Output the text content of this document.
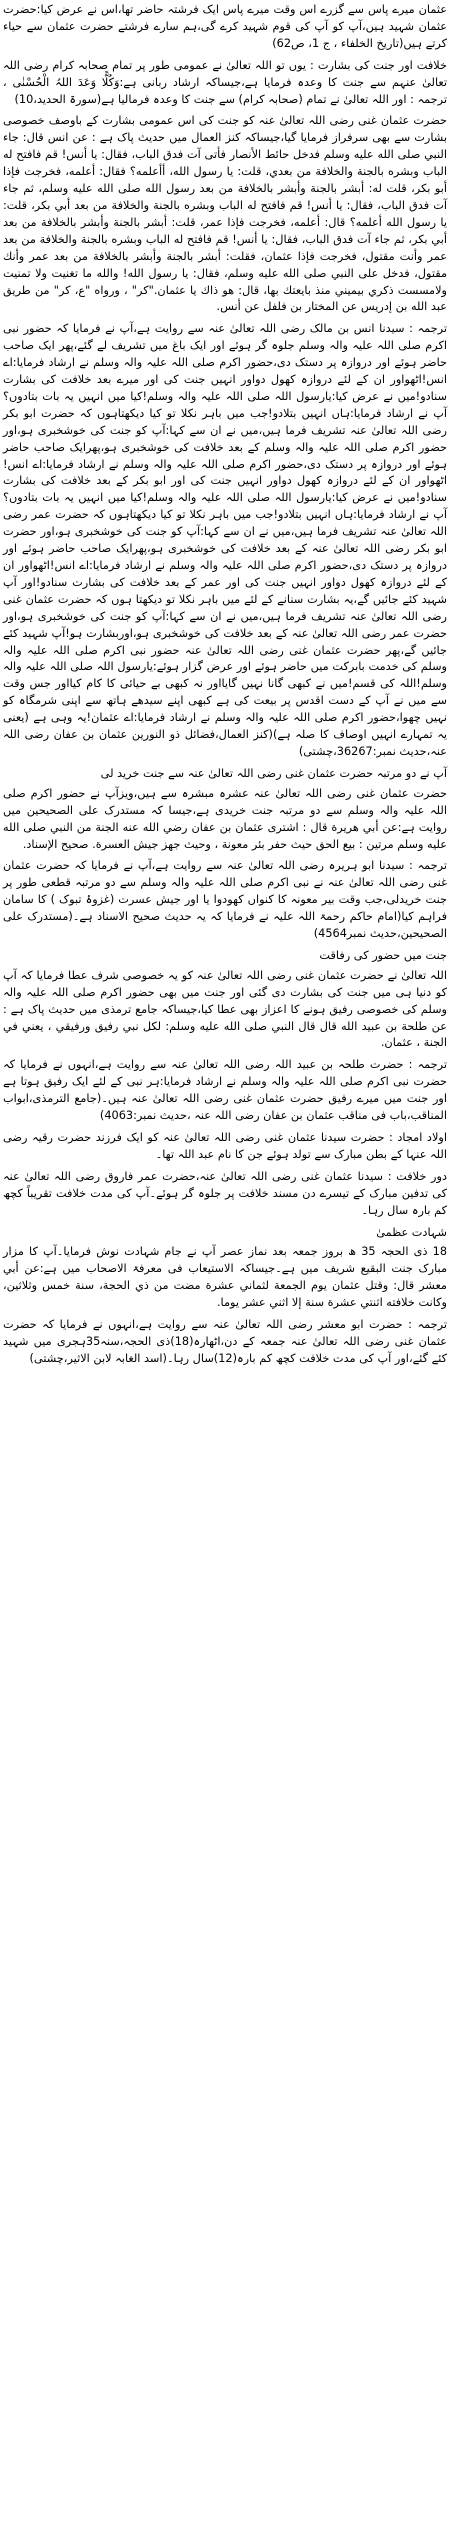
عثمان میرے پاس سے گزرے اس وقت میرے پاس ایک فرشتہ حاضر تھا،اس نے عرض کیا:حضرت عثمان شہید ہیں،آپ کو آپ کی قوم شہید کرے گی،ہم سارے فرشتے حضرت عثمان سے حیاء کرتے ہیں(تاریخ الخلفاء ، ج 1، ص62)

خلافت اور جنت کی بشارت : یوں تو اللہ تعالیٰ نے عمومی طور پر تمام صحابہ کرام رضی اللہ تعالیٰ عنہم سے جنت کا وعدہ فرمایا ہے،جیساکہ ارشاد ربانی ہے:وَکُلًّا وَعَدَ اللہُ الْحُسْنٰی ، ترجمہ : اور اللہ تعالیٰ نے تمام (صحابہ کرام) سے جنت کا وعدہ فرمالیا ہے(سورۃ الحدید،10)

حضرت عثمان غنی رضی اللہ تعالیٰ عنہ کو جنت کی اس عمومی بشارت کے باوصف خصوصی بشارت سے بھی سرفراز فرمایا گیا،جیساکہ کنز العمال میں حدیث پاک ہے : عن انس قال: جاء النبي صلى الله عليه وسلم فدخل حائط الأنصار فأتى آت فدق الباب، فقال: يا أنس! قم فافتح له الباب وبشره بالجنة والخلافة من بعدي، قلت: يا رسول الله، أأعلمه؟ فقال: أعلمه، فخرجت فإذا أبو بكر، قلت له: أبشر بالجنة وأبشر بالخلافة من بعد رسول الله صلى الله عليه وسلم، ثم جاء آت فدق الباب، فقال: يا أنس! قم فافتح له الباب وبشره بالجنة والخلافة من بعد أبي بكر، قلت: يا رسول الله أعلمه؟ قال: أعلمه، فخرجت فإذا عمر، قلت: أبشر بالجنة وأبشر بالخلافة من بعد أبي بكر، ثم جاء آت فدق الباب، فقال: يا أنس! قم فافتح له الباب وبشره بالجنة والخلافة من بعد عمر وأنت مقتول، فخرجت فإذا عثمان، فقلت: أبشر بالجنة وأبشر بالخلافة من بعد عمر وأنك مقتول، فدخل على النبي صلى الله عليه وسلم، فقال: يا رسول الله! والله ما تغنيت ولا تمنيت ولامسست ذكري بيميني منذ بايعتك بها، قال: هو ذاك يا عثمان."كر" ، ورواه "ع، كر" من طريق عبد الله بن إدريس عن المختار بن فلفل عن أنس.

ترجمہ : سیدنا انس بن مالک رضی اللہ تعالیٰ عنہ سے روایت ہے،آپ نے فرمایا کہ حضور نبی اکرم صلی اللہ علیہ والہ وسلم جلوہ گر ہوئے اور ایک باغ میں تشریف لے گئے،پھر ایک صاحب حاضر ہوئے اور دروازہ پر دستک دی،حضور اکرم صلی اللہ علیہ والہ وسلم نے ارشاد فرمایا:اے انس!اٹھواور ان کے لئے دروازہ کھول دواور انہیں جنت کی اور میرے بعد خلافت کی بشارت سنادو!میں نے عرض کیا:یارسول اللہ صلی اللہ علیہ والہ وسلم!کیا میں انہیں یہ بات بتادوں؟آپ نے ارشاد فرمایا:ہاں انہیں بتلادو!جب میں باہر نکلا تو کیا دیکھتاہوں کہ حضرت ابو بکر رضی اللہ تعالیٰ عنہ تشریف فرما ہیں،میں نے ان سے کہا:آپ کو جنت کی خوشخبری ہو،اور حضور اکرم صلی اللہ علیہ والہ وسلم کے بعد خلافت کی خوشخبری ہو،پھرایک صاحب حاضر ہوئے اور دروازہ پر دستک دی،حضور اکرم صلی اللہ علیہ والہ وسلم نے ارشاد فرمایا:اے انس! اٹھواور ان کے لئے دروازہ کھول دواور انہیں جنت کی اور ابو بکر کے بعد خلافت کی بشارت سنادو!میں نے عرض کیا:یارسول اللہ صلی اللہ علیہ والہ وسلم!کیا میں انہیں یہ بات بتادوں؟آپ نے ارشاد فرمایا:ہاں انہیں بتلادو!جب میں باہر نکلا تو کیا دیکھتاہوں کہ حضرت عمر رضی اللہ تعالیٰ عنہ تشریف فرما ہیں،میں نے ان سے کہا:آپ کو جنت کی خوشخبری ہو،اور حضرت ابو بکر رضی اللہ تعالیٰ عنہ کے بعد خلافت کی خوشخبری ہو،پھرایک صاحب حاضر ہوئے اور دروازہ پر دستک دی،حضور اکرم صلی اللہ علیہ والہ وسلم نے ارشاد فرمایا:اے انس!اٹھواور ان کے لئے دروازہ کھول دواور انہیں جنت کی اور عمر کے بعد خلافت کی بشارت سنادو!اور آپ شہید کئے جائیں گے،یہ بشارت سنانے کے لئے میں باہر نکلا تو دیکھتا ہوں کہ حضرت عثمان غنی رضی اللہ تعالیٰ عنہ تشریف فرما ہیں،میں نے ان سے کہا:آپ کو جنت کی خوشخبری ہو،اور حضرت عمر رضی اللہ تعالیٰ عنہ کے بعد خلافت کی خوشخبری ہو،اوربشارت ہو!آپ شہید کئے جائیں گے،پھر حضرت عثمان غنی رضی اللہ تعالیٰ عنہ حضور نبی اکرم صلی اللہ علیہ والہ وسلم کی خدمت بابرکت میں حاضر ہوئے اور عرض گزار ہوئے:یارسول اللہ صلی اللہ علیہ والہ وسلم!اللہ کی قسم!میں نے کبھی گانا نہیں گایااور نہ کبھی بے حیائی کا کام کیااور جس وقت سے میں نے آپ کے دست اقدس پر بیعت کی ہے کبھی اپنے سیدھے ہاتھ سے اپنی شرمگاہ کو نہیں چھوا،حضور اکرم صلی اللہ علیہ والہ وسلم نے ارشاد فرمایا:اے عثمان!یہ وہی ہے (یعنی یہ تمہارے انہیں اوصاف کا صلہ ہے)(کنز العمال،فضائل ذو النورین عثمان بن عفان رضی اللہ عنہ،حدیث نمبر:36267،چشتی)

آپ نے دو مرتبہ حضرت عثمان غنی رضی اللہ تعالیٰ عنہ سے جنت خرید لی

حضرت عثمان غنی رضی اللہ تعالیٰ عنہ عشرہ مبشرہ سے ہیں،ویزآپ نے حضور اکرم صلی اللہ علیہ والہ وسلم سے دو مرتبہ جنت خریدی ہے،جیسا کہ مستدرک علی الصحیحین میں روایت ہے:عن أبي هريرة قال : اشترى عثمان بن عفان رضي الله عنه الجنة من النبي صلى الله عليه وسلم مرتين : بيع الحق حيث حفر بئر معونة ، وحيث جهز جيش العسرة. صحيح الإسناد.

ترجمہ : سیدنا ابو ہریرہ رضی اللہ تعالیٰ عنہ سے روایت ہے،آپ نے فرمایا کہ حضرت عثمان غنی رضی اللہ تعالیٰ عنہ نے نبی اکرم صلی اللہ علیہ والہ وسلم سے دو مرتبہ قطعی طور پر جنت خریدلی،جب وقت بیر معونہ کا کنواں کھودوا یا اور جیش عسرت (غزوۂ تبوک ) کا سامان فراہم کیا(امام حاکم رحمۃ اللہ علیہ نے فرمایا کہ یہ حدیث صحیح الاسناد ہے۔(مستدرک علی الصحیحین،حدیث نمبر4564)

جنت میں حضور کی رفاقت

اللہ تعالیٰ نے حضرت عثمان غنی رضی اللہ تعالیٰ عنہ کو یہ خصوصی شرف عطا فرمایا کہ آپ کو دنیا ہی میں جنت کی بشارت دی گئی اور جنت میں بھی حضور اکرم صلی اللہ علیہ والہ وسلم کی خصوصی رفیق ہونے کا اعزاز بھی عطا کیا،جیساکہ جامع ترمذی میں حدیث پاک ہے : عن طلحة بن عبيد الله قال قال النبي صلى الله عليه وسلم: لكل نبي رفيق ورفيقي ، يعني في الجنة ، عثمان.

ترجمہ : حضرت طلحہ بن عبید اللہ رضی اللہ تعالیٰ عنہ سے روایت ہے،انہوں نے فرمایا کہ حضرت نبی اکرم صلی اللہ علیہ والہ وسلم نے ارشاد فرمایا:ہر نبی کے لئے ایک رفیق ہوتا ہے اور جنت میں میرے رفیق حضرت عثمان غنی رضی اللہ تعالیٰ عنہ ہیں۔(جامع الترمذی،ابواب المناقب،باب فی مناقب عثمان بن عفان رضی اللہ عنہ ،حدیث نمبر:4063)

اولاد امجاد : حضرت سیدنا عثمان غنی رضی اللہ تعالیٰ عنہ کو ایک فرزند حضرت رقیہ رضی اللہ عنہا کے بطن مبارک سے تولد ہوئے جن کا نام عبد اللہ تھا۔

دور خلافت : سیدنا عثمان غنی رضی اللہ تعالیٰ عنہ،حضرت عمر فاروق رضی اللہ تعالیٰ عنہ کی تدفین مبارک کے تیسرے دن مسند خلافت پر جلوہ گر ہوئے۔آپ کی مدت خلافت تقریباً کچھ کم بارہ سال رہا۔

شہادت عظمیٰ

18 ذی الحجہ 35 ھ بروز جمعہ بعد نماز عصر آپ نے جام شہادت نوش فرمایا۔آپ کا مزار مبارک جنت البقیع شریف میں ہے۔جیساکہ الاستیعاب فی معرفۃ الاصحاب میں ہے:عن أبي معشر قال: وقتل عثمان يوم الجمعة لثماني عشرة مضت من ذي الحجة، سنة خمس وثلاثين، وكانت خلافته اثنتي عشرة سنة إلا اثني عشر يوما.

ترجمہ : حضرت ابو معشر رضی اللہ تعالیٰ عنہ سے روایت ہے،انہوں نے فرمایا کہ حضرت عثمان غنی رضی اللہ تعالیٰ عنہ جمعہ کے دن،اٹھارہ(18)ذی الحجہ،سنہ35ہجری میں شہید کئے گئے،اور آپ کی مدت خلافت کچھ کم بارہ(12)سال رہا۔(اسد الغابہ لابن الاثیر،چشتی)
